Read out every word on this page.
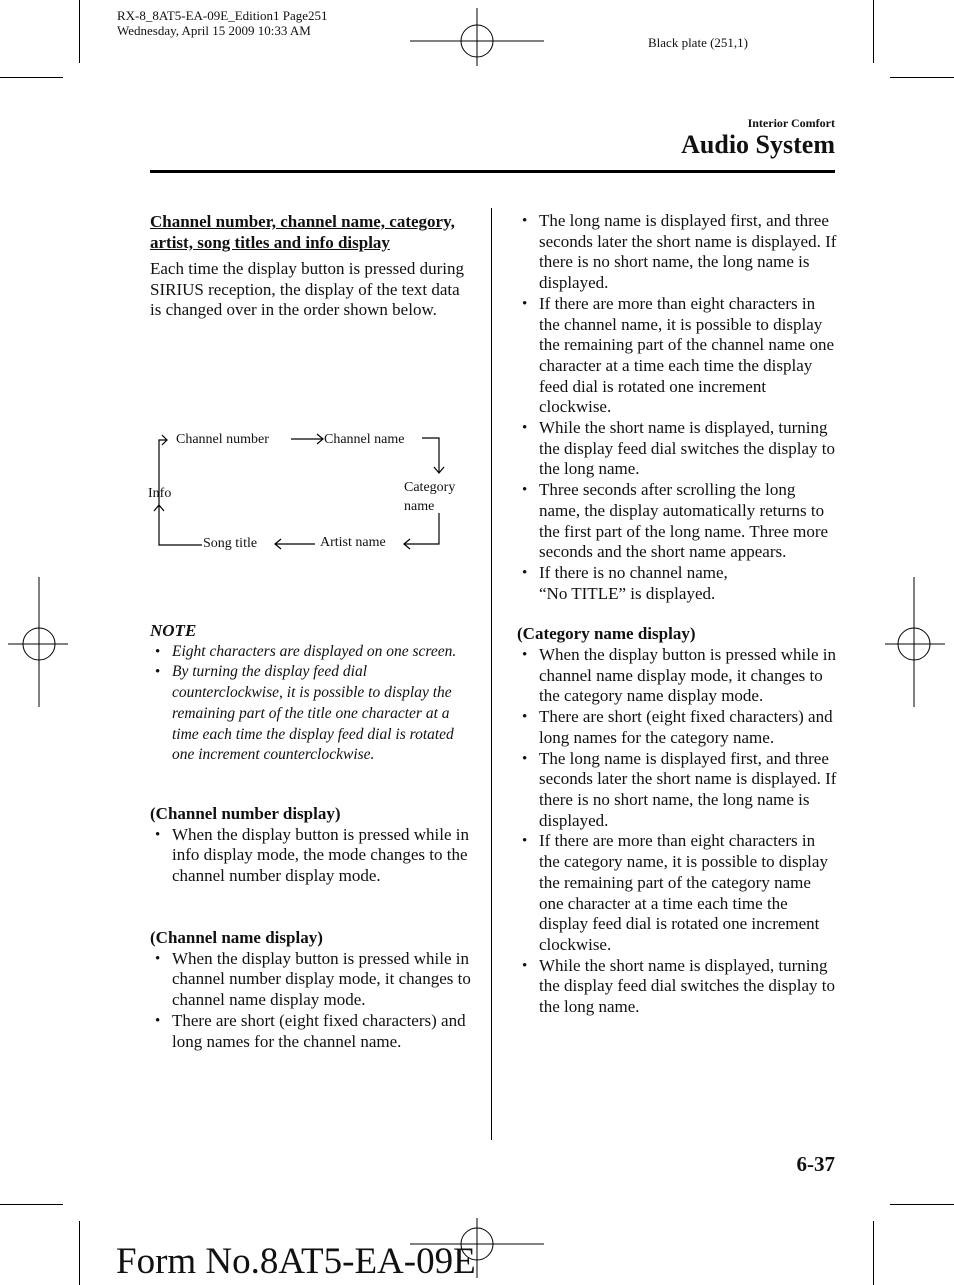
RX-8_8AT5-EA-09E_Edition1 Page251
Wednesday, April 15 2009 10:33 AM
Black plate (251,1)
Interior Comfort
Audio System

Channel number, channel name, category, artist, song titles and info display

Each time the display button is pressed during SIRIUS reception, the display of the text data is changed over in the order shown below.

Channel number	Channel name
Category
name
Artist name
Song title
Info

NOTE

• Eight characters are displayed on one screen.
• By turning the display feed dial counterclockwise, it is possible to display the remaining part of the title one character at a time each time the display feed dial is rotated one increment counterclockwise.

(Channel number display)

• When the display button is pressed while in info display mode, the mode changes to the channel number display mode.

(Channel name display)

• When the display button is pressed while in channel number display mode, it changes to channel name display mode.
• There are short (eight fixed characters) and long names for the channel name.
• The long name is displayed first, and three seconds later the short name is displayed. If there is no short name, the long name is displayed.
• If there are more than eight characters in the channel name, it is possible to display the remaining part of the channel name one character at a time each time the display feed dial is rotated one increment clockwise.
• While the short name is displayed, turning the display feed dial switches the display to the long name.
• Three seconds after scrolling the long name, the display automatically returns to the first part of the long name. Three more seconds and the short name appears.
• If there is no channel name,
“No TITLE” is displayed.

(Category name display)

• When the display button is pressed while in channel name display mode, it changes to the category name display mode.
• There are short (eight fixed characters) and long names for the category name.
• The long name is displayed first, and three seconds later the short name is displayed. If there is no short name, the long name is displayed.
• If there are more than eight characters in the category name, it is possible to display the remaining part of the category name one character at a time each time the display feed dial is rotated one increment clockwise.
• While the short name is displayed, turning the display feed dial switches the display to the long name.
6-37
Form No.8AT5-EA-09E
